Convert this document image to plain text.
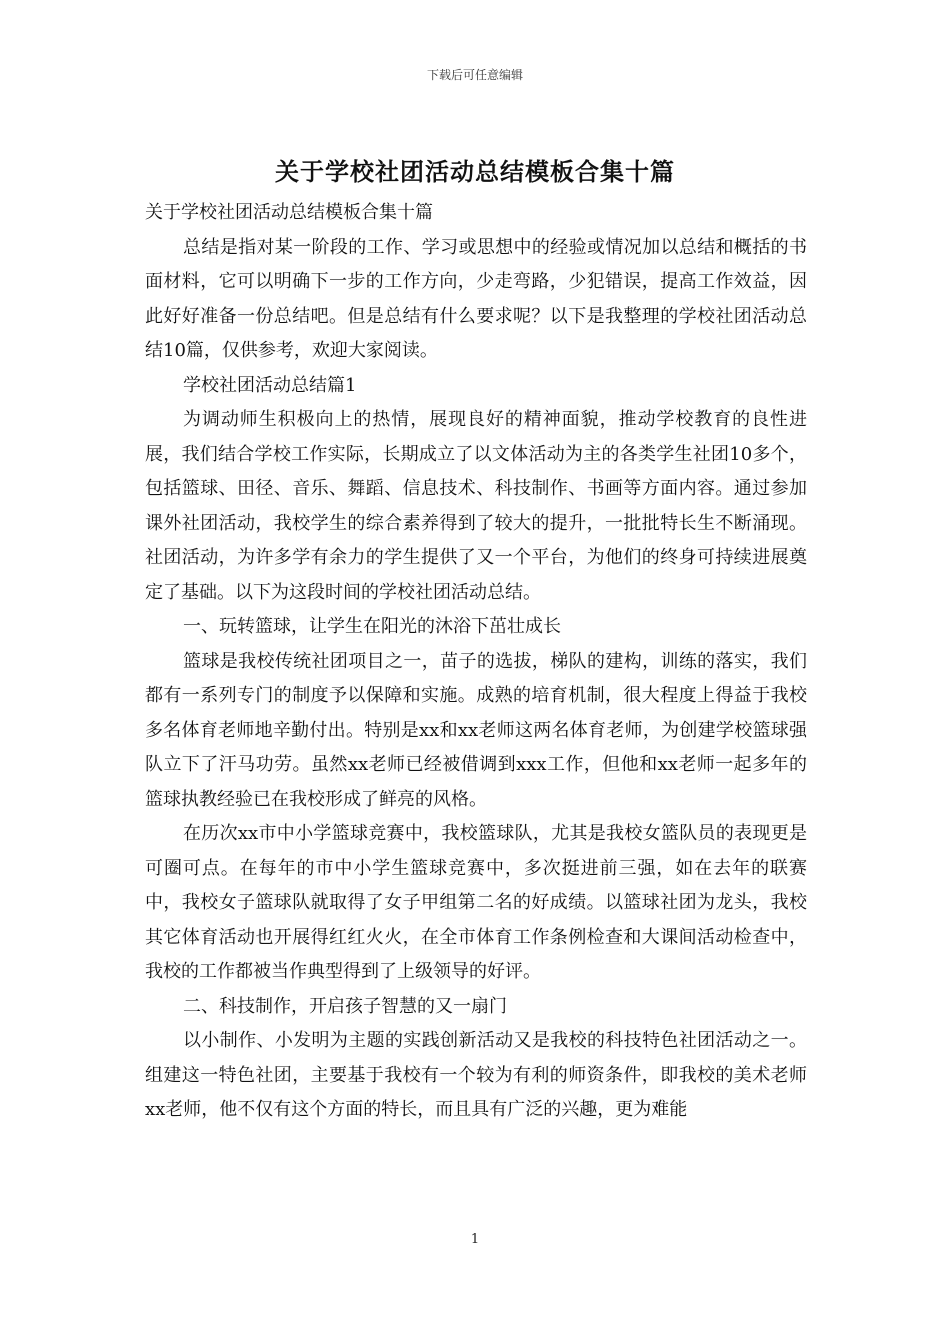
下载后可任意编辑
关于学校社团活动总结模板合集十篇

关于学校社团活动总结模板合集十篇

总结是指对某一阶段的工作、学习或思想中的经验或情况加以总结和概括的书面材料，它可以明确下一步的工作方向，少走弯路，少犯错误，提高工作效益，因此好好准备一份总结吧。但是总结有什么要求呢？以下是我整理的学校社团活动总结10篇，仅供参考，欢迎大家阅读。

学校社团活动总结篇1

为调动师生积极向上的热情，展现良好的精神面貌，推动学校教育的良性进展，我们结合学校工作实际，长期成立了以文体活动为主的各类学生社团10多个，包括篮球、田径、音乐、舞蹈、信息技术、科技制作、书画等方面内容。通过参加课外社团活动，我校学生的综合素养得到了较大的提升，一批批特长生不断涌现。社团活动，为许多学有余力的学生提供了又一个平台，为他们的终身可持续进展奠定了基础。以下为这段时间的学校社团活动总结。

一、玩转篮球，让学生在阳光的沐浴下茁壮成长

篮球是我校传统社团项目之一，苗子的选拔，梯队的建构，训练的落实，我们都有一系列专门的制度予以保障和实施。成熟的培育机制，很大程度上得益于我校多名体育老师地辛勤付出。特别是xx和xx老师这两名体育老师，为创建学校篮球强队立下了汗马功劳。虽然xx老师已经被借调到xxx工作，但他和xx老师一起多年的篮球执教经验已在我校形成了鲜亮的风格。

在历次xx市中小学篮球竞赛中，我校篮球队，尤其是我校女篮队员的表现更是可圈可点。在每年的市中小学生篮球竞赛中，多次挺进前三强，如在去年的联赛中，我校女子篮球队就取得了女子甲组第二名的好成绩。以篮球社团为龙头，我校其它体育活动也开展得红红火火，在全市体育工作条例检查和大课间活动检查中，我校的工作都被当作典型得到了上级领导的好评。

二、科技制作，开启孩子智慧的又一扇门

以小制作、小发明为主题的实践创新活动又是我校的科技特色社团活动之一。组建这一特色社团，主要基于我校有一个较为有利的师资条件，即我校的美术老师xx老师，他不仅有这个方面的特长，而且具有广泛的兴趣，更为难能

1
